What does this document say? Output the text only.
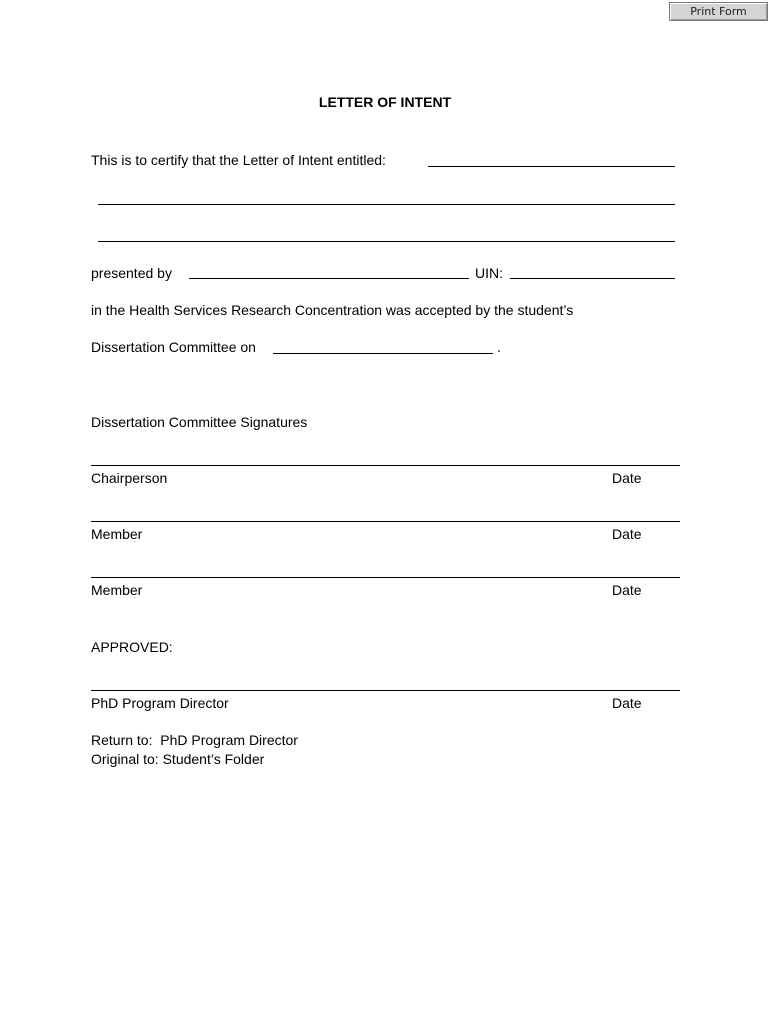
Print Form
LETTER OF INTENT
This is to certify that the Letter of Intent entitled:
presented by	UIN:
in the Health Services Research Concentration was accepted by the student’s
Dissertation Committee on	.
Dissertation Committee Signatures
Chairperson	Date
Member	Date
Member	Date
APPROVED:
PhD Program Director	Date
Return to:  PhD Program Director
Original to: Student’s Folder
